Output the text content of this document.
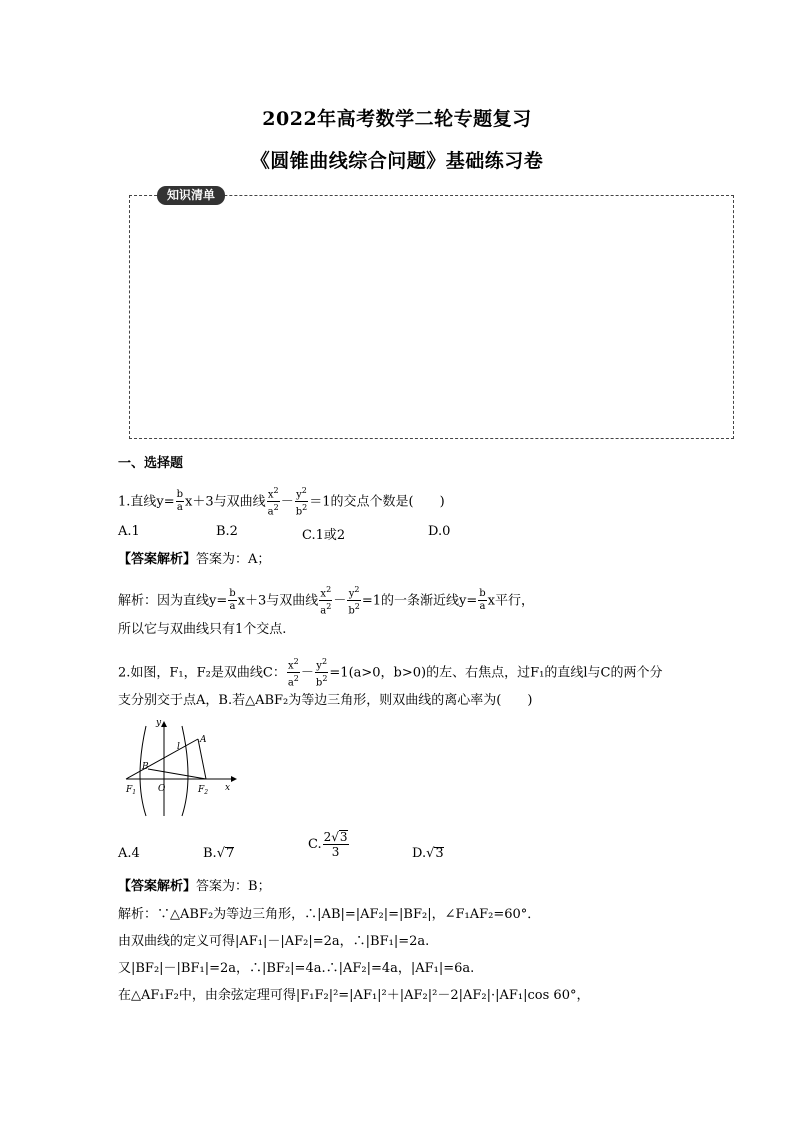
2022年高考数学二轮专题复习
《圆锥曲线综合问题》基础练习卷
知识清单
一、选择题
1.直线$y= \frac{b}{a} x+3$与双曲线 $\frac{x^2}{a^2} - \frac{y^2}{b^2} =1$的交点个数是(　　)
A.1	B.2	C.1或2	D.0
【答案解析】答案为：A；
解析：因为直线$y= \frac{b}{a} x+3$与双曲线 $\frac{x^2}{a^2} - \frac{y^2}{b^2} =1$的一条渐近线$y= \frac{b}{a}$ x平行，
所以它与双曲线只有1个交点.
2.如图，F₁，F₂是双曲线C： $\frac{x^2}{a^2} - \frac{y^2}{b^2} =1(a>0$，b>0)的左、右焦点，过F₁的直线l与C的两个分
支分别交于点A，B.若△ABF₂为等边三角形，则双曲线的离心率为(　　)
y
l
A
B
O
$F_1$	$F_2$ x
A.4	B.√7
C. $\frac{2√3}{3}$	D.√3
【答案解析】答案为：B；
解析：∵△ABF₂为等边三角形，∴|AB|=|AF₂|=|BF₂|，∠F₁AF₂=60°．
由双曲线的定义可得|AF₁|－|AF₂|=2a，∴|BF₁|=2a.
又|BF₂|－|BF₁|=2a，∴|BF₂|=4a.∴|AF₂|=4a，|AF₁|=6a.
在△AF₁F₂中，由余弦定理可得|F₁F₂|²=|AF₁|²＋|AF₂|²－2|AF₂|·|AF₁|cos 60°，
